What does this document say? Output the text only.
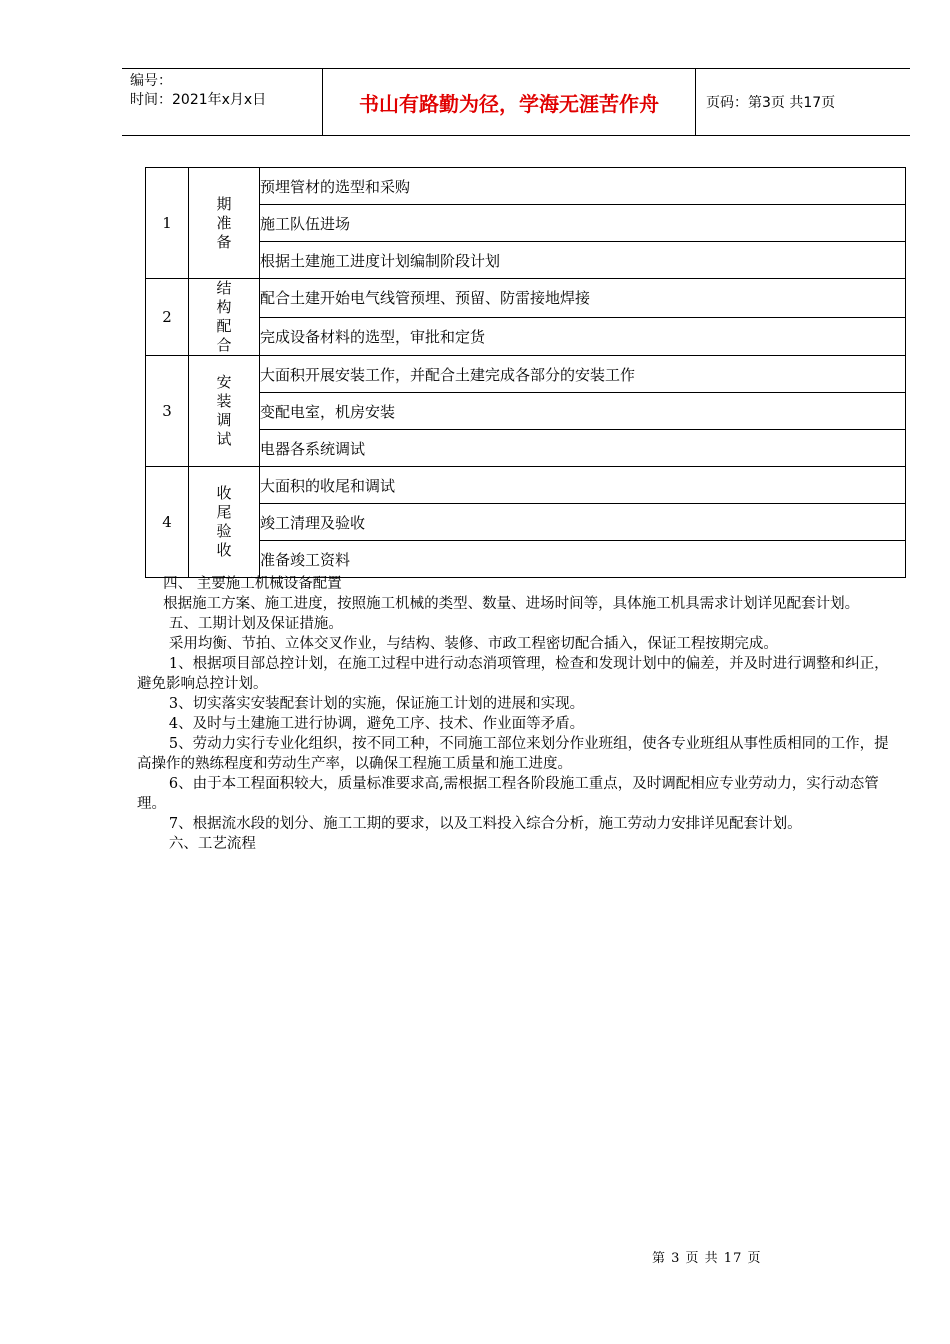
编号：
时间：2021年x月x日	书山有路勤为径，学海无涯苦作舟	页码：第3页 共17页
1	期准备	预埋管材的选型和采购
		施工队伍进场
		根据土建施工进度计划编制阶段计划
2	结构配合	配合土建开始电气线管预埋、预留、防雷接地焊接
		完成设备材料的选型，审批和定货
3	安装调试	大面积开展安装工作，并配合土建完成各部分的安装工作
		变配电室，机房安装
		电器各系统调试
4	收尾验收	大面积的收尾和调试
		竣工清理及验收
		准备竣工资料

四、 主要施工机械设备配置

根据施工方案、施工进度，按照施工机械的类型、数量、进场时间等，具体施工机具需求计划详见配套计划。

五、工期计划及保证措施。

采用均衡、节拍、立体交叉作业，与结构、装修、市政工程密切配合插入，保证工程按期完成。

1、根据项目部总控计划，在施工过程中进行动态消项管理，检查和发现计划中的偏差，并及时进行调整和纠正，避免影响总控计划。

3、切实落实安装配套计划的实施，保证施工计划的进展和实现。

4、及时与土建施工进行协调，避免工序、技术、作业面等矛盾。

5、劳动力实行专业化组织，按不同工种，不同施工部位来划分作业班组，使各专业班组从事性质相同的工作，提高操作的熟练程度和劳动生产率，以确保工程施工质量和施工进度。

6、由于本工程面积较大，质量标准要求高,需根据工程各阶段施工重点，及时调配相应专业劳动力，实行动态管理。

7、根据流水段的划分、施工工期的要求，以及工料投入综合分析，施工劳动力安排详见配套计划。

六、工艺流程

第 3 页 共 17 页
